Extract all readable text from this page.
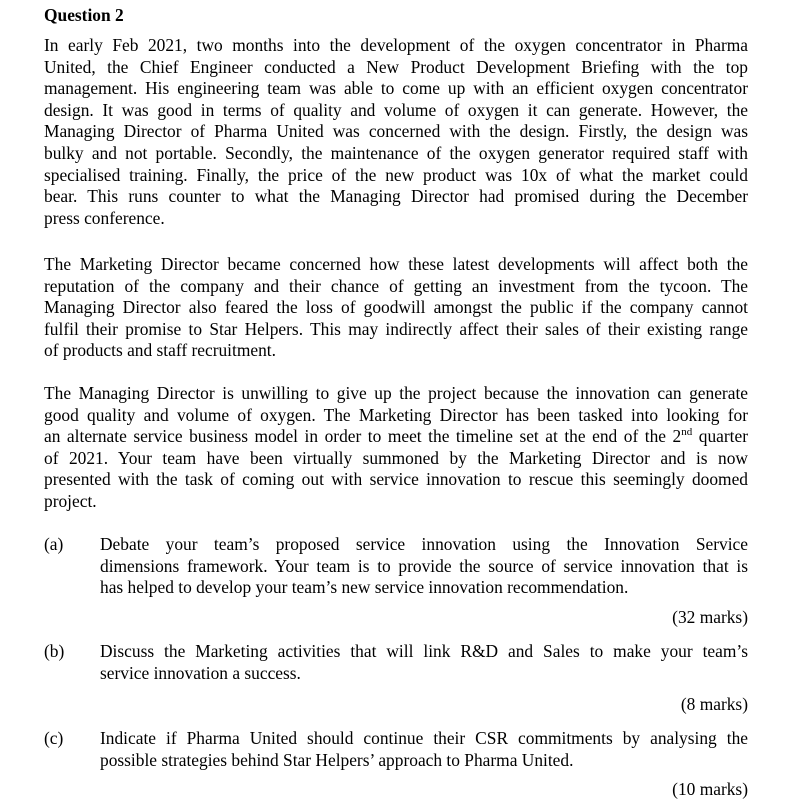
Question 2
In early Feb 2021, two months into the development of the oxygen concentrator in Pharma
United, the Chief Engineer conducted a New Product Development Briefing with the top
management. His engineering team was able to come up with an efficient oxygen concentrator
design. It was good in terms of quality and volume of oxygen it can generate. However, the
Managing Director of Pharma United was concerned with the design. Firstly, the design was
bulky and not portable. Secondly, the maintenance of the oxygen generator required staff with
specialised training. Finally, the price of the new product was 10x of what the market could
bear. This runs counter to what the Managing Director had promised during the December
press conference.
The Marketing Director became concerned how these latest developments will affect both the
reputation of the company and their chance of getting an investment from the tycoon. The
Managing Director also feared the loss of goodwill amongst the public if the company cannot
fulfil their promise to Star Helpers. This may indirectly affect their sales of their existing range
of products and staff recruitment.
The Managing Director is unwilling to give up the project because the innovation can generate
good quality and volume of oxygen. The Marketing Director has been tasked into looking for
an alternate service business model in order to meet the timeline set at the end of the 2nd quarter
of 2021. Your team have been virtually summoned by the Marketing Director and is now
presented with the task of coming out with service innovation to rescue this seemingly doomed
project.
(a) Debate your team’s proposed service innovation using the Innovation Service
dimensions framework. Your team is to provide the source of service innovation that is
has helped to develop your team’s new service innovation recommendation.
(32 marks)
(b) Discuss the Marketing activities that will link R&D and Sales to make your team’s
service innovation a success.
(8 marks)
(c) Indicate if Pharma United should continue their CSR commitments by analysing the
possible strategies behind Star Helpers’ approach to Pharma United.
(10 marks)
